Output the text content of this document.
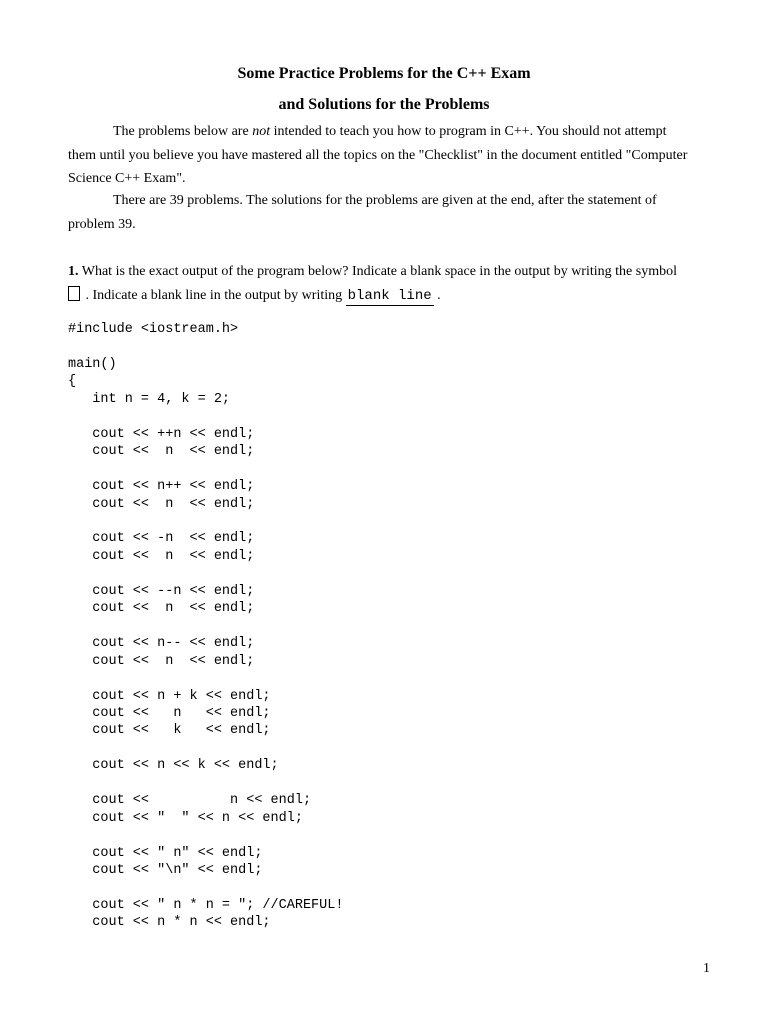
Some Practice Problems for the C++ Exam
and Solutions for the Problems

The problems below are not intended to teach you how to program in C++. You should not attempt them until you believe you have mastered all the topics on the "Checklist" in the document entitled "Computer Science C++ Exam".

There are 39 problems. The solutions for the problems are given at the end, after the statement of problem 39.

1. What is the exact output of the program below? Indicate a blank space in the output by writing the symbol
. Indicate a blank line in the output by writing blank line .

#include <iostream.h>

main()
{
int n = 4, k = 2;

cout << ++n << endl;
cout <<  n  << endl;

cout << n++ << endl;
cout <<  n  << endl;

cout << -n  << endl;
cout <<  n  << endl;

cout << --n << endl;
cout <<  n  << endl;

cout << n-- << endl;
cout <<  n  << endl;

cout << n + k << endl;
cout <<   n   << endl;
cout <<   k   << endl;

cout << n << k << endl;

cout <<          n << endl;
cout << "  " << n << endl;

cout << " n" << endl;
cout << "\n" << endl;

cout << " n * n = "; //CAREFUL!
cout << n * n << endl;
1
